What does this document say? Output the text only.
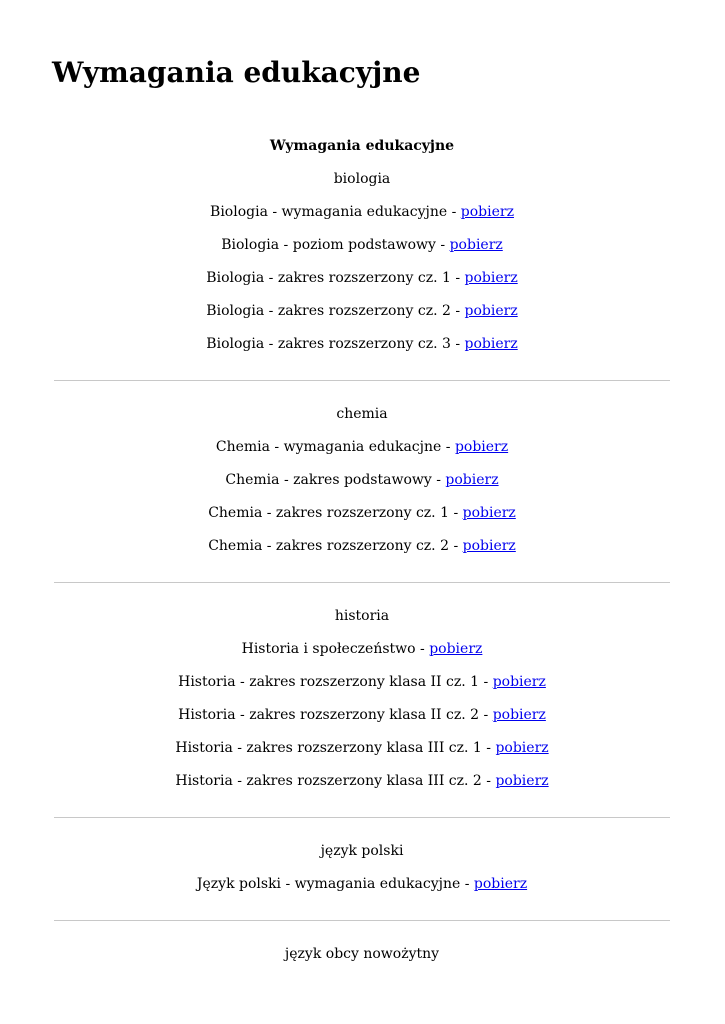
Wymagania edukacyjne

Wymagania edukacyjne

biologia

Biologia - wymagania edukacyjne - pobierz

Biologia - poziom podstawowy - pobierz

Biologia - zakres rozszerzony cz. 1 - pobierz

Biologia - zakres rozszerzony cz. 2 - pobierz

Biologia - zakres rozszerzony cz. 3 - pobierz

chemia

Chemia - wymagania edukacjne - pobierz

Chemia - zakres podstawowy - pobierz

Chemia - zakres rozszerzony cz. 1 - pobierz

Chemia - zakres rozszerzony cz. 2 - pobierz

historia

Historia i społeczeństwo - pobierz

Historia - zakres rozszerzony klasa II cz. 1 - pobierz

Historia - zakres rozszerzony klasa II cz. 2 - pobierz

Historia - zakres rozszerzony klasa III cz. 1 - pobierz

Historia - zakres rozszerzony klasa III cz. 2 - pobierz

język polski

Język polski - wymagania edukacyjne - pobierz

język obcy nowożytny
